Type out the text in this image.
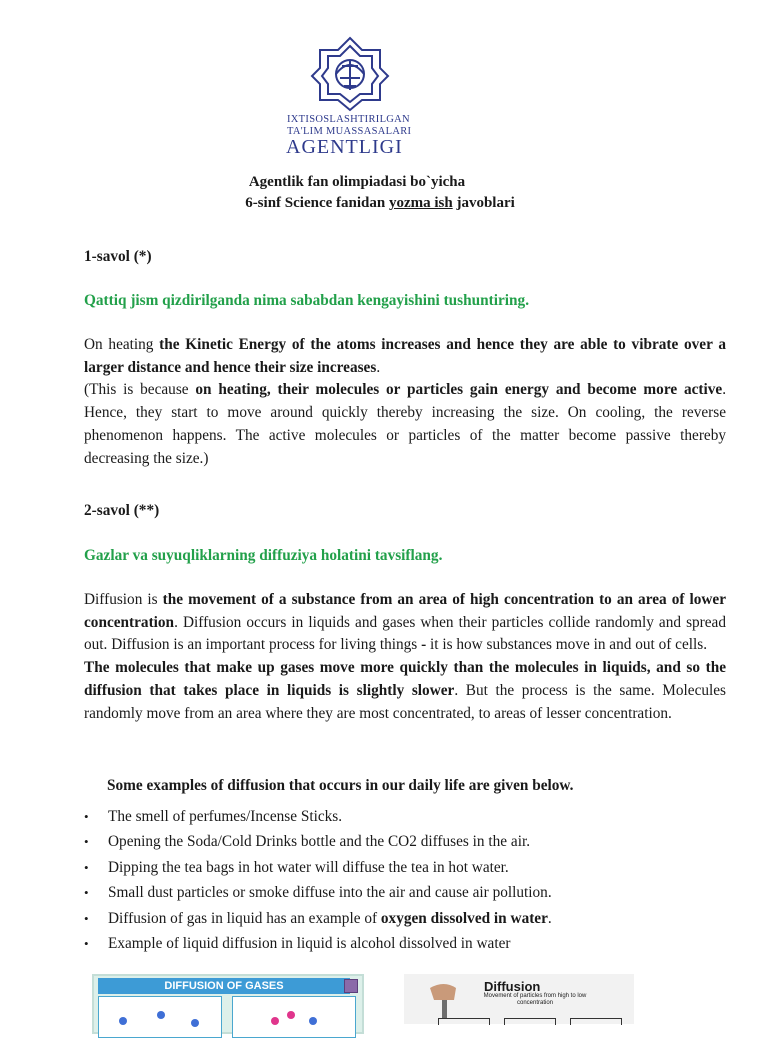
IXTISOSLASHTIRILGAN
TA'LIM MUASSASALARI
AGENTLIGI
Agentlik fan olimpiadasi bo`yicha
6-sinf Science fanidan yozma ish javoblari
1-savol (*)
Qattiq jism qizdirilganda nima sababdan kengayishini tushuntiring.
On heating the Kinetic Energy of the atoms increases and hence they are able to vibrate over a larger distance and hence their size increases.
(This is because on heating, their molecules or particles gain energy and become more active. Hence, they start to move around quickly thereby increasing the size. On cooling, the reverse phenomenon happens. The active molecules or particles of the matter become passive thereby decreasing the size.)
2-savol (**)
Gazlar va suyuqliklarning diffuziya holatini tavsiflang.
Diffusion is the movement of a substance from an area of high concentration to an area of lower concentration. Diffusion occurs in liquids and gases when their particles collide randomly and spread out. Diffusion is an important process for living things - it is how substances move in and out of cells.
The molecules that make up gases move more quickly than the molecules in liquids, and so the diffusion that takes place in liquids is slightly slower. But the process is the same. Molecules randomly move from an area where they are most concentrated, to areas of lesser concentration.
Some examples of diffusion that occurs in our daily life are given below.
• The smell of perfumes/Incense Sticks.
• Opening the Soda/Cold Drinks bottle and the CO2 diffuses in the air.
• Dipping the tea bags in hot water will diffuse the tea in hot water.
• Small dust particles or smoke diffuse into the air and cause air pollution.
• Diffusion of gas in liquid has an example of oxygen dissolved in water.
• Example of liquid diffusion in liquid is alcohol dissolved in water
DIFFUSION OF GASES	Diffusion
Movement of particles from high to low concentration
